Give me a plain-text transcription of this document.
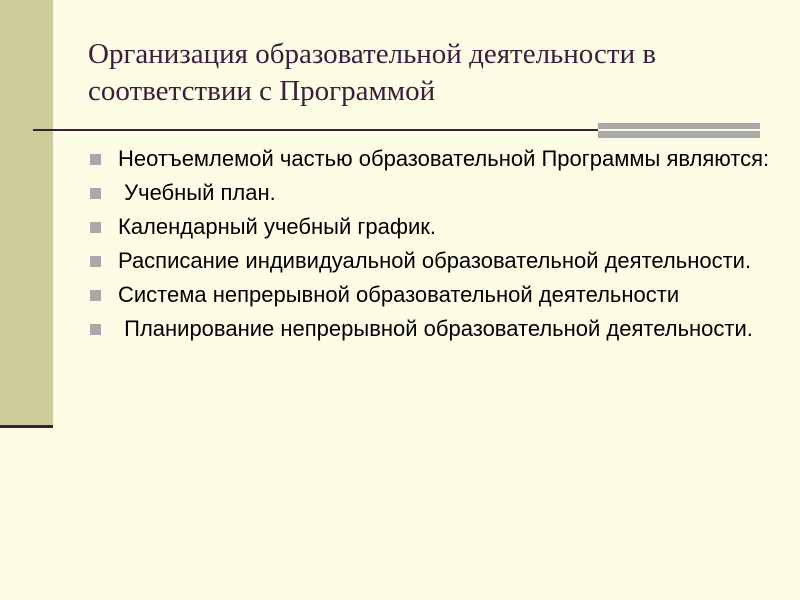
Организация образовательной деятельности в соответствии с Программой
Неотъемлемой частью образовательной Программы являются:
Учебный план.
Календарный учебный график.
Расписание индивидуальной образовательной деятельности.
Система непрерывной образовательной деятельности
Планирование непрерывной образовательной деятельности.
